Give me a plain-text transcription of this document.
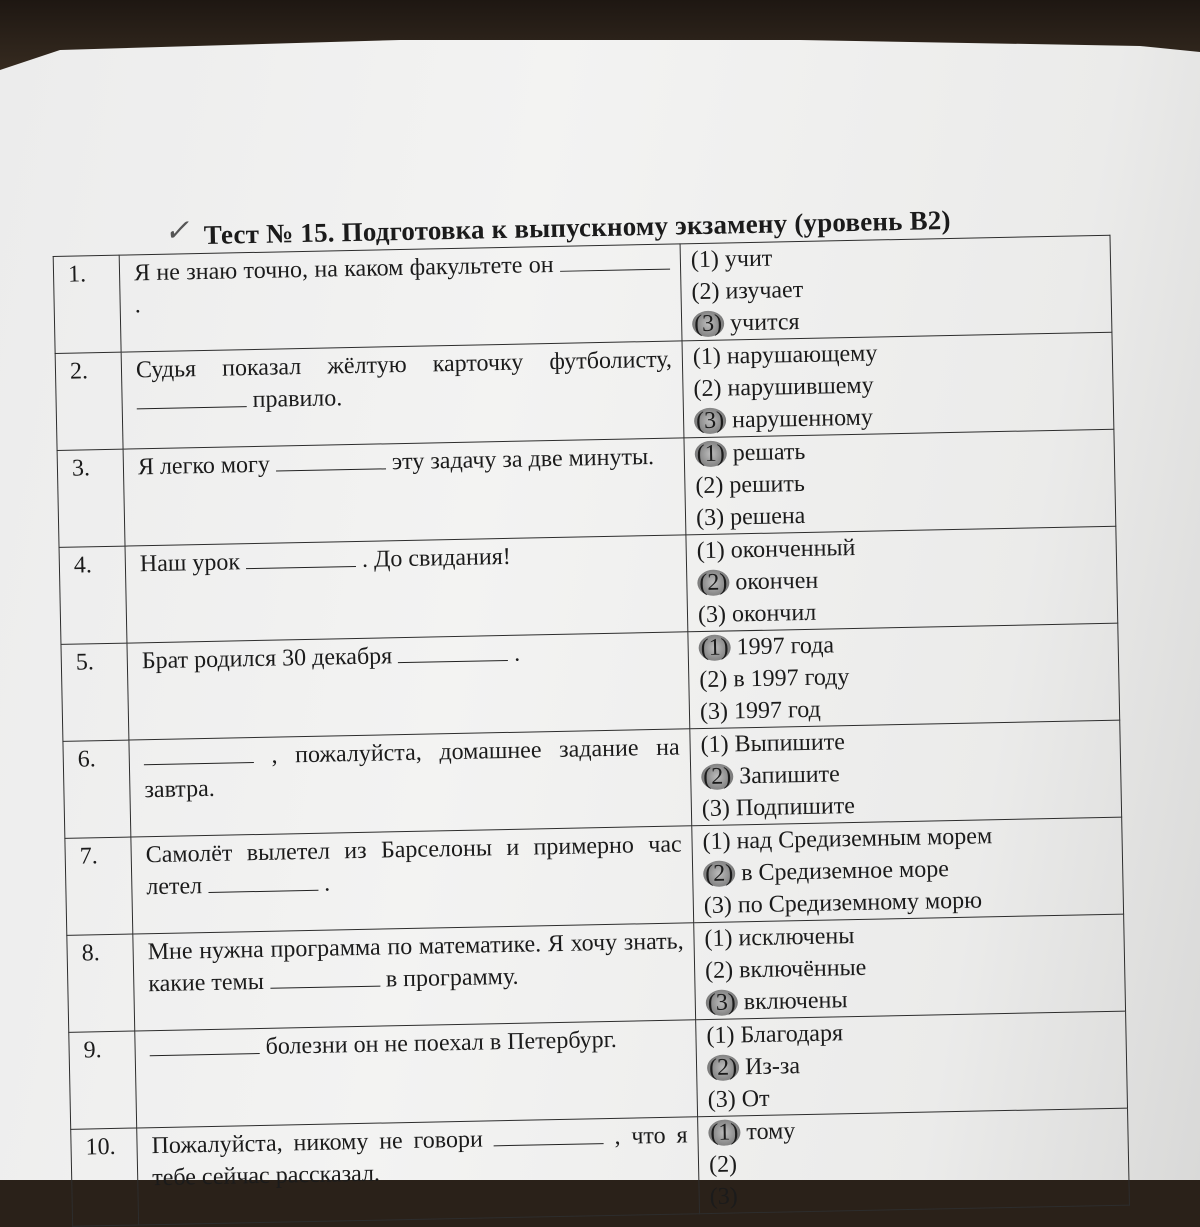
✓ Тест № 15. Подготовка к выпускному экзамену (уровень В2)
1.	Я не знаю точно, на каком факультете он  .	(1) учит
(2) изучает
(3) учится

2.	Судья показал жёлтую карточку футболисту,  правило.	(1) нарушающему
(2) нарушившему
(3) нарушенному

3.	Я легко могу эту задачу за две минуты.	(1) решать
(2) решить
(3) решена

4.	Наш урок . До свидания!	(1) оконченный
(2) окончен
(3) окончил

5.	Брат родился 30 декабря .	(1) 1997 года
(2) в 1997 году
(3) 1997 год

6.	, пожалуйста, домашнее задание на завтра.	(1) Выпишите
(2) Запишите
(3) Подпишите

7.	Самолёт вылетел из Барселоны и примерно час летел .	(1) над Средиземным морем
(2) в Средиземное море
(3) по Средиземному морю

8.	Мне нужна программа по математике. Я хочу знать, какие темы в программу.	(1) исключены
(2) включённые
(3) включены

9.	болезни он не поехал в Петербург.	(1) Благодаря
(2) Из-за
(3) От

10.	Пожалуйста, никому не говори , что я тебе сейчас рассказал.	(1) тому
(2)
(3)
